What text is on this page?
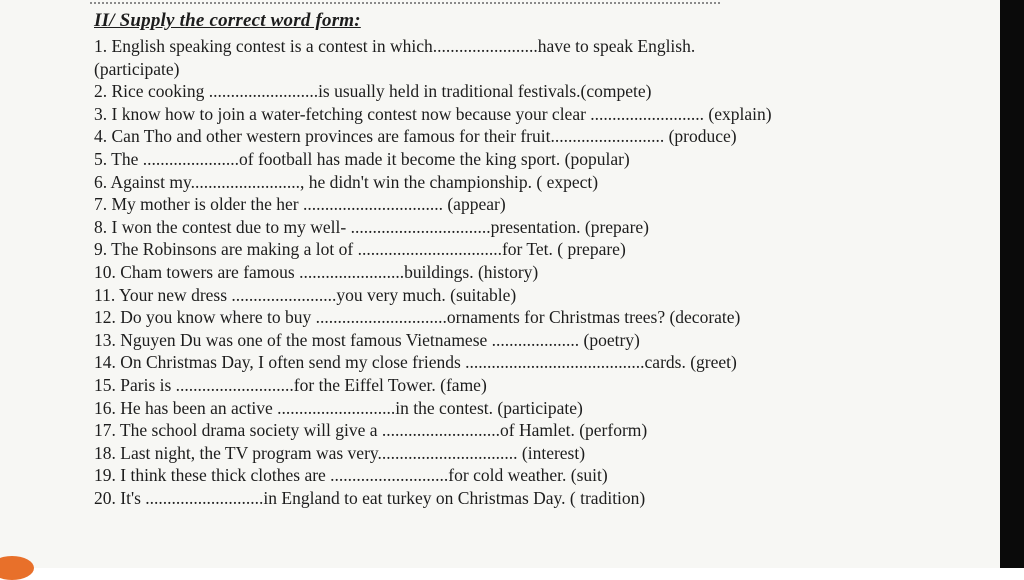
II/ Supply the correct word form:
1. English speaking contest is a contest in which........................have to speak English.
(participate)
2. Rice cooking .........................is usually held in traditional festivals.(compete)
3. I know how to join a water-fetching contest now because your clear .......................... (explain)
4. Can Tho and other western provinces are famous for their fruit.......................... (produce)
5. The ......................of football has made it become the king sport. (popular)
6. Against my........................., he didn't win the championship. ( expect)
7. My mother is older the her ................................ (appear)
8. I won the contest due to my well- ................................presentation. (prepare)
9. The Robinsons are making a lot of .................................for Tet. ( prepare)
10. Cham towers are famous ........................buildings. (history)
11. Your new dress ........................you very much. (suitable)
12. Do you know where to buy ..............................ornaments for Christmas trees? (decorate)
13. Nguyen Du was one of the most famous Vietnamese .................... (poetry)
14. On Christmas Day, I often send my close friends .........................................cards. (greet)
15. Paris is ...........................for the Eiffel Tower. (fame)
16. He has been an active ...........................in the contest. (participate)
17. The school drama society will give a ...........................of Hamlet. (perform)
18. Last night, the TV program was very................................ (interest)
19. I think these thick clothes are ...........................for cold weather. (suit)
20. It's ...........................in England to eat turkey on Christmas Day. ( tradition)
